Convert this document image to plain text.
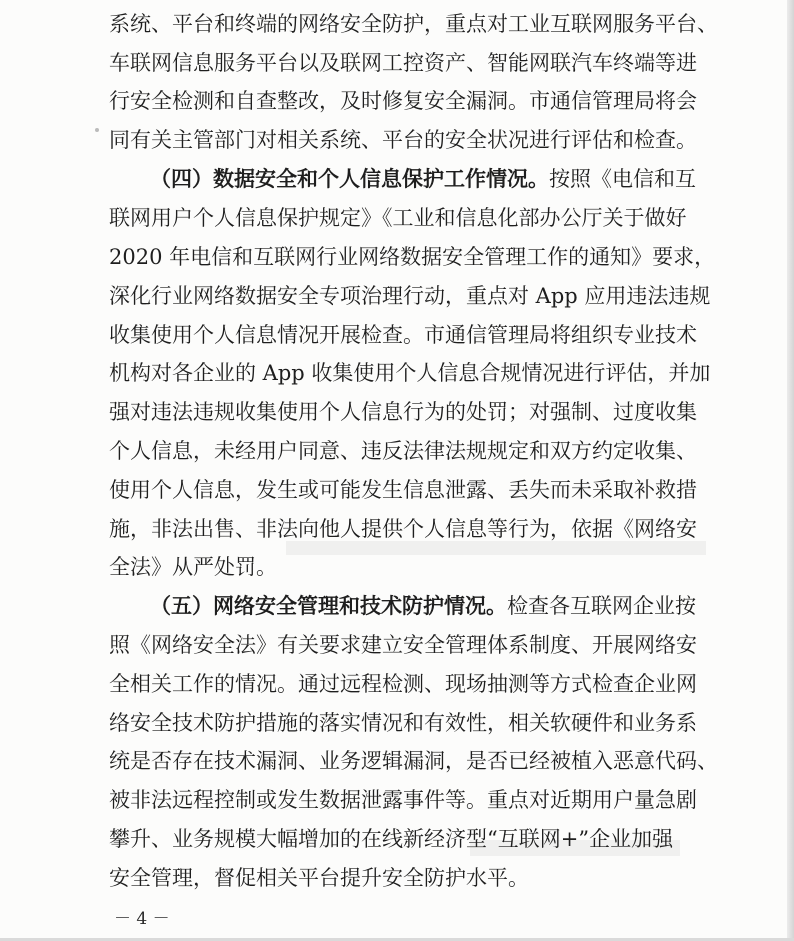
系统、平台和终端的网络安全防护，重点对工业互联网服务平台、
车联网信息服务平台以及联网工控资产、智能网联汽车终端等进
行安全检测和自查整改，及时修复安全漏洞。市通信管理局将会
同有关主管部门对相关系统、平台的安全状况进行评估和检查。
（四）数据安全和个人信息保护工作情况。按照《电信和互
联网用户个人信息保护规定》《工业和信息化部办公厅关于做好
2020 年电信和互联网行业网络数据安全管理工作的通知》要求，
深化行业网络数据安全专项治理行动，重点对 App 应用违法违规
收集使用个人信息情况开展检查。市通信管理局将组织专业技术
机构对各企业的 App 收集使用个人信息合规情况进行评估，并加
强对违法违规收集使用个人信息行为的处罚；对强制、过度收集
个人信息，未经用户同意、违反法律法规规定和双方约定收集、
使用个人信息，发生或可能发生信息泄露、丢失而未采取补救措
施，非法出售、非法向他人提供个人信息等行为，依据《网络安
全法》从严处罚。
（五）网络安全管理和技术防护情况。检查各互联网企业按
照《网络安全法》有关要求建立安全管理体系制度、开展网络安
全相关工作的情况。通过远程检测、现场抽测等方式检查企业网
络安全技术防护措施的落实情况和有效性，相关软硬件和业务系
统是否存在技术漏洞、业务逻辑漏洞，是否已经被植入恶意代码、
被非法远程控制或发生数据泄露事件等。重点对近期用户量急剧
攀升、业务规模大幅增加的在线新经济型“互联网+”企业加强
安全管理，督促相关平台提升安全防护水平。
－ 4 －
